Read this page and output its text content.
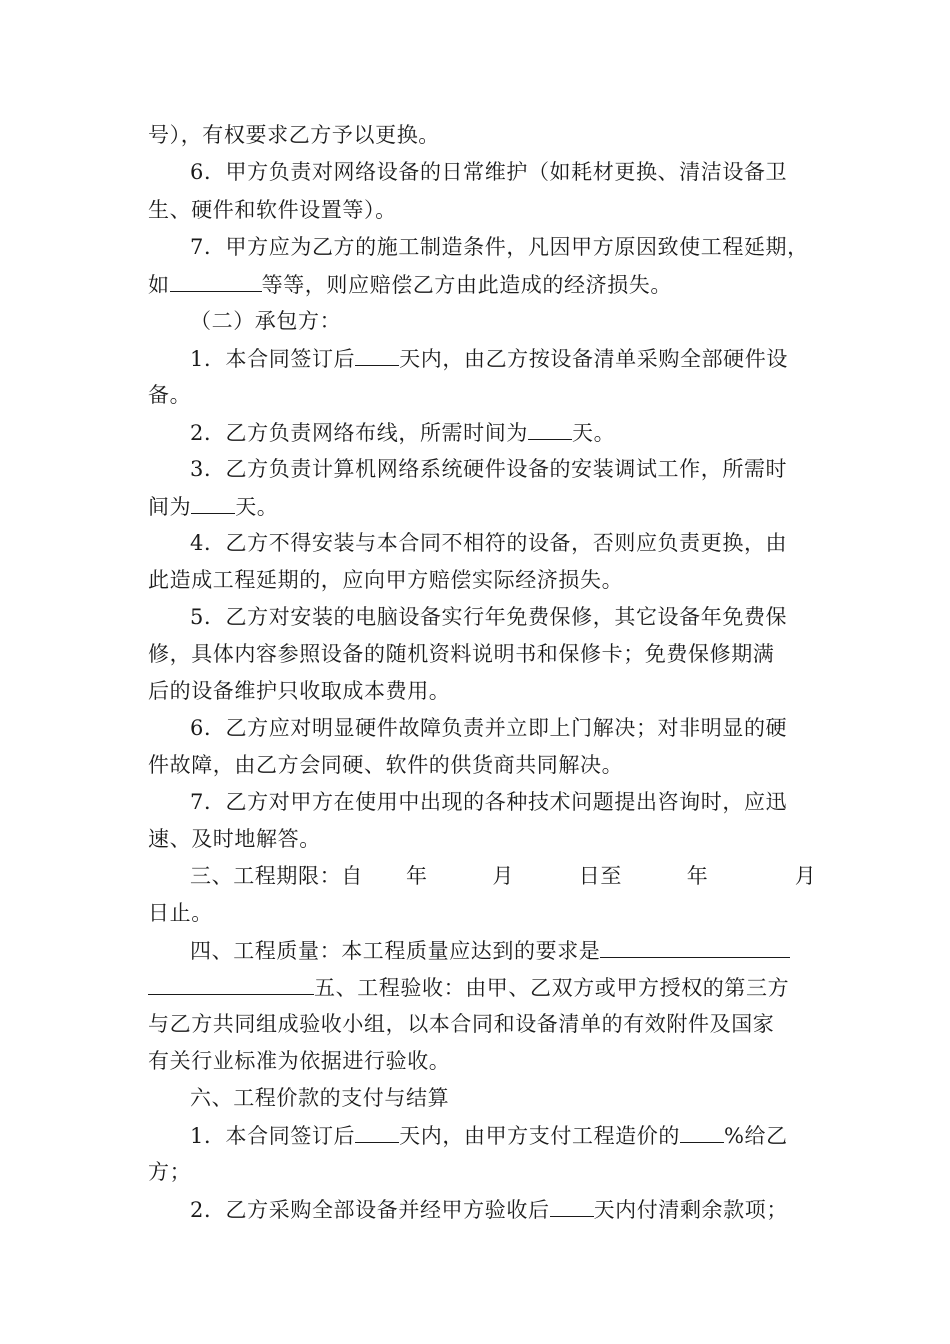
号），有权要求乙方予以更换。
6．甲方负责对网络设备的日常维护（如耗材更换、清洁设备卫
生、硬件和软件设置等）。
7．甲方应为乙方的施工制造条件，凡因甲方原因致使工程延期，
如	等等，则应赔偿乙方由此造成的经济损失。
（二）承包方：
1．本合同签订后 天内，由乙方按设备清单采购全部硬件设
备。
2．乙方负责网络布线，所需时间为 天。
3．乙方负责计算机网络系统硬件设备的安装调试工作，所需时
间为 天。
4．乙方不得安装与本合同不相符的设备，否则应负责更换，由
此造成工程延期的，应向甲方赔偿实际经济损失。
5．乙方对安装的电脑设备实行年免费保修，其它设备年免费保
修，具体内容参照设备的随机资料说明书和保修卡；免费保修期满
后的设备维护只收取成本费用。
6．乙方应对明显硬件故障负责并立即上门解决；对非明显的硬
件故障，由乙方会同硬、软件的供货商共同解决。
7．乙方对甲方在使用中出现的各种技术问题提出咨询时，应迅
速、及时地解答。
三、工程期限：自　　年　　　月　　　日至　　　年　　　　月
日止。
四、工程质量：本工程质量应达到的要求是
五、工程验收：由甲、乙双方或甲方授权的第三方
与乙方共同组成验收小组，以本合同和设备清单的有效附件及国家
有关行业标准为依据进行验收。
六、工程价款的支付与结算
1．本合同签订后 天内，由甲方支付工程造价的 %给乙
方；
2．乙方采购全部设备并经甲方验收后 天内付清剩余款项；
